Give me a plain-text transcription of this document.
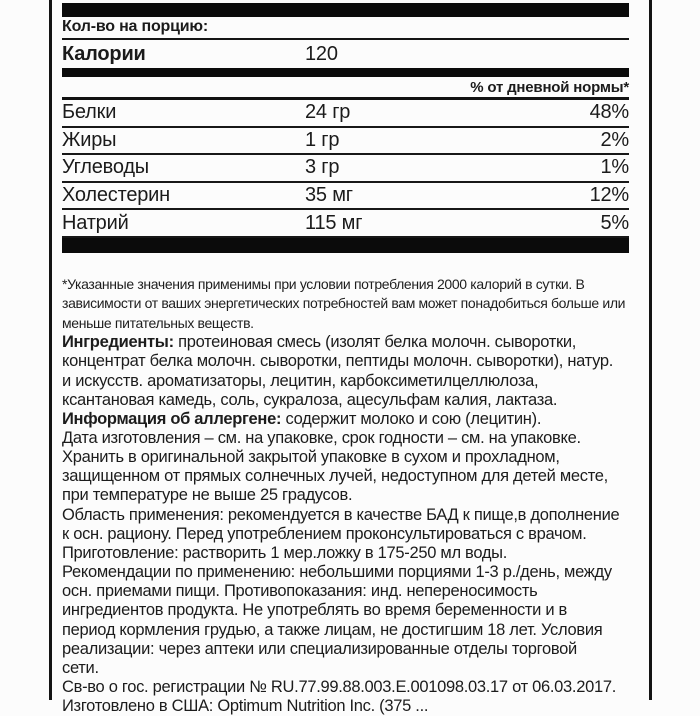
Кол-во на порцию:
Калории	120
% от дневной нормы*
Белки	24 гр	48%
Жиры	1 гр	2%
Углеводы	3 гр	1%
Холестерин	35 мг	12%
Натрий	115 мг	5%
*Указанные значения применимы при условии потребления 2000 калорий в сутки. В
зависимости от ваших энергетических потребностей вам может понадобиться больше или
меньше питательных веществ.
Ингредиенты: протеиновая смесь (изолят белка молочн. сыворотки,
концентрат белка молочн. сыворотки, пептиды молочн. сыворотки), натур.
и искусств. ароматизаторы, лецитин, карбоксиметилцеллюлоза,
ксантановая камедь, соль, сукралоза, ацесульфам калия, лактаза.
Информация об аллергене: содержит молоко и сою (лецитин).
Дата изготовления – см. на упаковке, срок годности – см. на упаковке.
Хранить в оригинальной закрытой упаковке в сухом и прохладном,
защищенном от прямых солнечных лучей, недоступном для детей месте,
при температуре не выше 25 градусов.
Область применения: рекомендуется в качестве БАД к пище,в дополнение
к осн. рациону. Перед употреблением проконсультироваться с врачом.
Приготовление: растворить 1 мер.ложку в 175-250 мл воды.
Рекомендации по применению: небольшими порциями 1-3 р./день, между
осн. приемами пищи. Противопоказания: инд. непереносимость
ингредиентов продукта. Не употреблять во время беременности и в
период кормления грудью, а также лицам, не достигшим 18 лет. Условия
реализации: через аптеки или специализированные отделы торговой
сети.
Св-во о гос. регистрации № RU.77.99.88.003.Е.001098.03.17 от 06.03.2017.
Изготовлено в США: Optimum Nutrition Inc. (375 ...
